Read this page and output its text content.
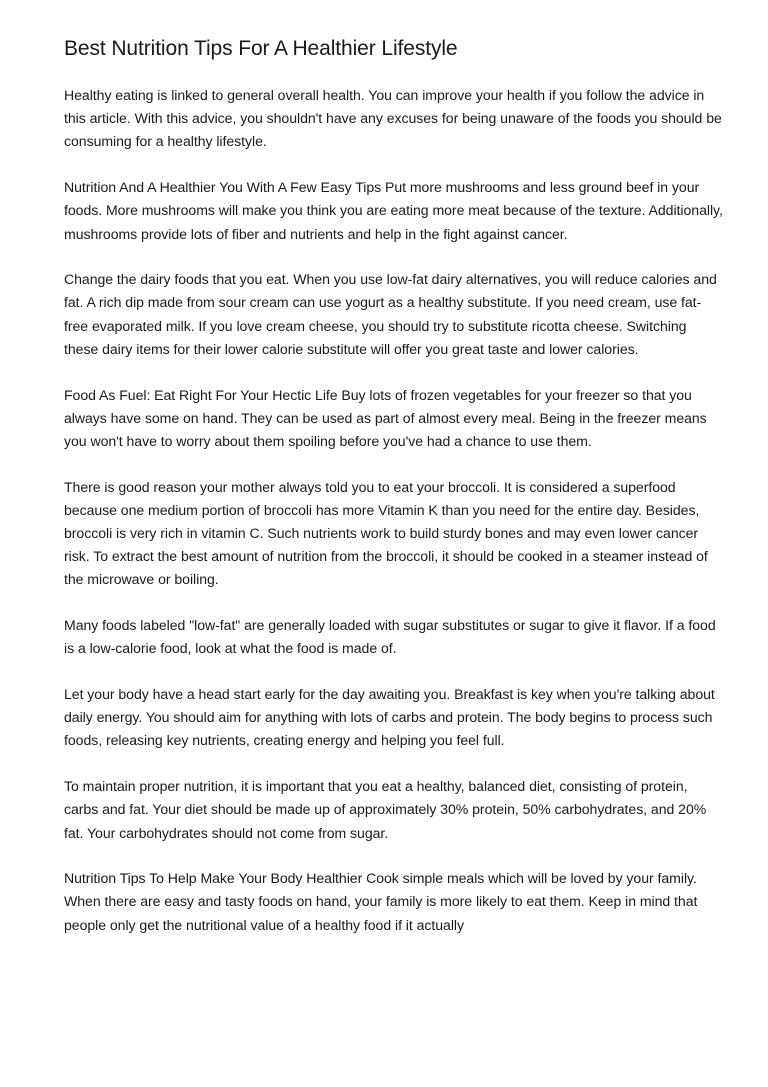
Best Nutrition Tips For A Healthier Lifestyle

Healthy eating is linked to general overall health. You can improve your health if you follow the advice in this article. With this advice, you shouldn't have any excuses for being unaware of the foods you should be consuming for a healthy lifestyle.

Nutrition And A Healthier You With A Few Easy Tips Put more mushrooms and less ground beef in your foods. More mushrooms will make you think you are eating more meat because of the texture. Additionally, mushrooms provide lots of fiber and nutrients and help in the fight against cancer.

Change the dairy foods that you eat. When you use low-fat dairy alternatives, you will reduce calories and fat. A rich dip made from sour cream can use yogurt as a healthy substitute. If you need cream, use fat-free evaporated milk. If you love cream cheese, you should try to substitute ricotta cheese. Switching these dairy items for their lower calorie substitute will offer you great taste and lower calories.

Food As Fuel: Eat Right For Your Hectic Life Buy lots of frozen vegetables for your freezer so that you always have some on hand. They can be used as part of almost every meal. Being in the freezer means you won't have to worry about them spoiling before you've had a chance to use them.

There is good reason your mother always told you to eat your broccoli. It is considered a superfood because one medium portion of broccoli has more Vitamin K than you need for the entire day. Besides, broccoli is very rich in vitamin C. Such nutrients work to build sturdy bones and may even lower cancer risk. To extract the best amount of nutrition from the broccoli, it should be cooked in a steamer instead of the microwave or boiling.

Many foods labeled "low-fat" are generally loaded with sugar substitutes or sugar to give it flavor. If a food is a low-calorie food, look at what the food is made of.

Let your body have a head start early for the day awaiting you. Breakfast is key when you're talking about daily energy. You should aim for anything with lots of carbs and protein. The body begins to process such foods, releasing key nutrients, creating energy and helping you feel full.

To maintain proper nutrition, it is important that you eat a healthy, balanced diet, consisting of protein, carbs and fat. Your diet should be made up of approximately 30% protein, 50% carbohydrates, and 20% fat. Your carbohydrates should not come from sugar.

Nutrition Tips To Help Make Your Body Healthier Cook simple meals which will be loved by your family. When there are easy and tasty foods on hand, your family is more likely to eat them. Keep in mind that people only get the nutritional value of a healthy food if it actually
